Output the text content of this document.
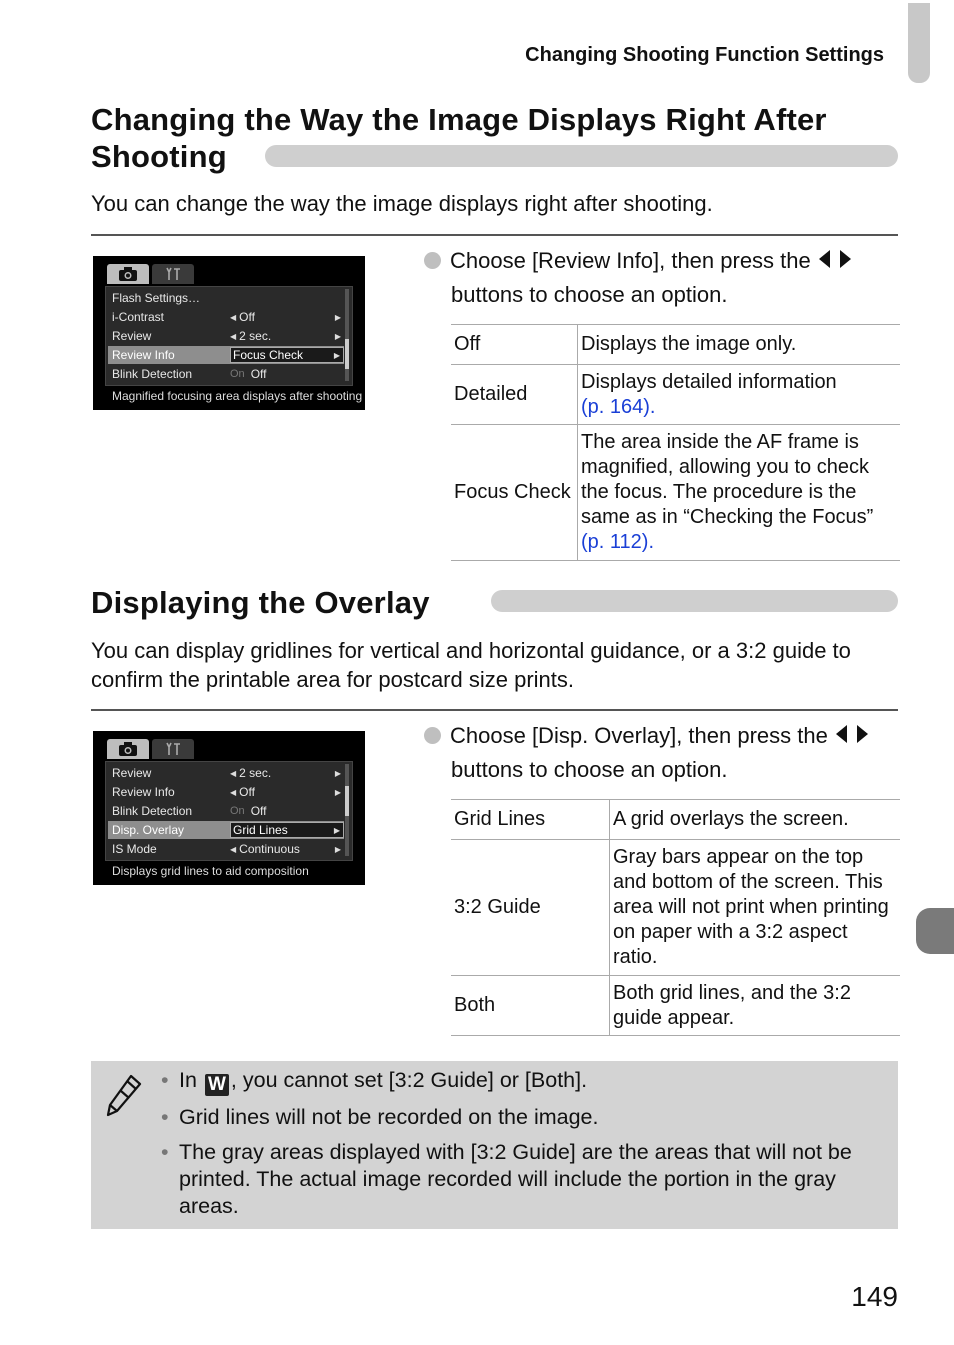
Changing Shooting Function Settings
Changing the Way the Image Displays Right After
Shooting
You can change the way the image displays right after shooting.
Flash Settings…
i-Contrast	◀ Off	▶
Review	◀ 2 sec.	▶
Review Info	Focus Check	▶
Blink Detection	On Off
Magnified focusing area displays after shooting
Choose [Review Info], then press the
buttons to choose an option.
Off	Displays the image only.
Detailed	Displays detailed information
(p. 164).
Focus Check	The area inside the AF frame is magnified, allowing you to check the focus. The procedure is the same as in “Checking the Focus”
(p. 112).
Displaying the Overlay
You can display gridlines for vertical and horizontal guidance, or a 3:2 guide to confirm the printable area for postcard size prints.
Review	◀ 2 sec.	▶
Review Info	◀ Off	▶
Blink Detection	On Off
Disp. Overlay	Grid Lines	▶
IS Mode	◀ Continuous	▶
Displays grid lines to aid composition
Choose [Disp. Overlay], then press the
buttons to choose an option.
Grid Lines	A grid overlays the screen.
3:2 Guide	Gray bars appear on the top and bottom of the screen. This area will not print when printing on paper with a 3:2 aspect ratio.
Both	Both grid lines, and the 3:2 guide appear.
• In W , you cannot set [3:2 Guide] or [Both].
• Grid lines will not be recorded on the image.
• The gray areas displayed with [3:2 Guide] are the areas that will not be printed. The actual image recorded will include the portion in the gray areas.
149
